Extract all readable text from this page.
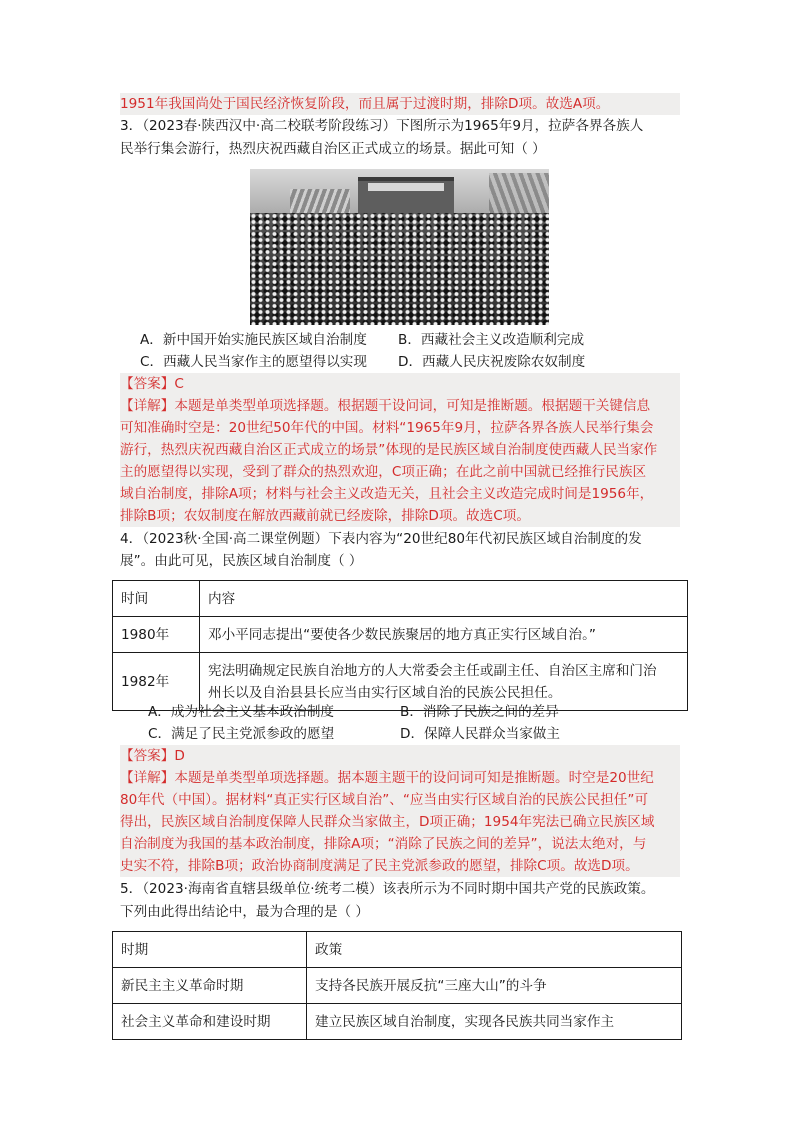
1951年我国尚处于国民经济恢复阶段，而且属于过渡时期，排除D项。故选A项。
3．（2023春·陕西汉中·高二校联考阶段练习）下图所示为1965年9月，拉萨各界各族人
民举行集会游行，热烈庆祝西藏自治区正式成立的场景。据此可知（ ）
A．新中国开始实施民族区域自治制度 B．西藏社会主义改造顺利完成
C．西藏人民当家作主的愿望得以实现 D．西藏人民庆祝废除农奴制度
【答案】C
【详解】本题是单类型单项选择题。根据题干设问词，可知是推断题。根据题干关键信息
可知准确时空是：20世纪50年代的中国。材料“1965年9月，拉萨各界各族人民举行集会
游行，热烈庆祝西藏自治区正式成立的场景”体现的是民族区域自治制度使西藏人民当家作
主的愿望得以实现，受到了群众的热烈欢迎，C项正确；在此之前中国就已经推行民族区
域自治制度，排除A项；材料与社会主义改造无关，且社会主义改造完成时间是1956年，
排除B项；农奴制度在解放西藏前就已经废除，排除D项。故选C项。
4．（2023秋·全国·高二课堂例题）下表内容为“20世纪80年代初民族区域自治制度的发
展”。由此可见，民族区域自治制度（ ）
时间	内容
1980年	邓小平同志提出“要使各少数民族聚居的地方真正实行区域自治。”
1982年	宪法明确规定民族自治地方的人大常委会主任或副主任、自治区主席和门治
州长以及自治县县长应当由实行区域自治的民族公民担任。
A．成为社会主义基本政治制度	B．消除了民族之间的差异
C．满足了民主党派参政的愿望	D．保障人民群众当家做主
【答案】D
【详解】本题是单类型单项选择题。据本题主题干的设问词可知是推断题。时空是20世纪
80年代（中国）。据材料“真正实行区域自治”、“应当由实行区域自治的民族公民担任”可
得出，民族区域自治制度保障人民群众当家做主，D项正确；1954年宪法已确立民族区域
自治制度为我国的基本政治制度，排除A项；“消除了民族之间的差异”，说法太绝对，与
史实不符，排除B项；政治协商制度满足了民主党派参政的愿望，排除C项。故选D项。
5．（2023·海南省直辖县级单位·统考二模）该表所示为不同时期中国共产党的民族政策。
下列由此得出结论中，最为合理的是（ ）
时期	政策
新民主主义革命时期	支持各民族开展反抗“三座大山”的斗争
社会主义革命和建设时期	建立民族区域自治制度，实现各民族共同当家作主
